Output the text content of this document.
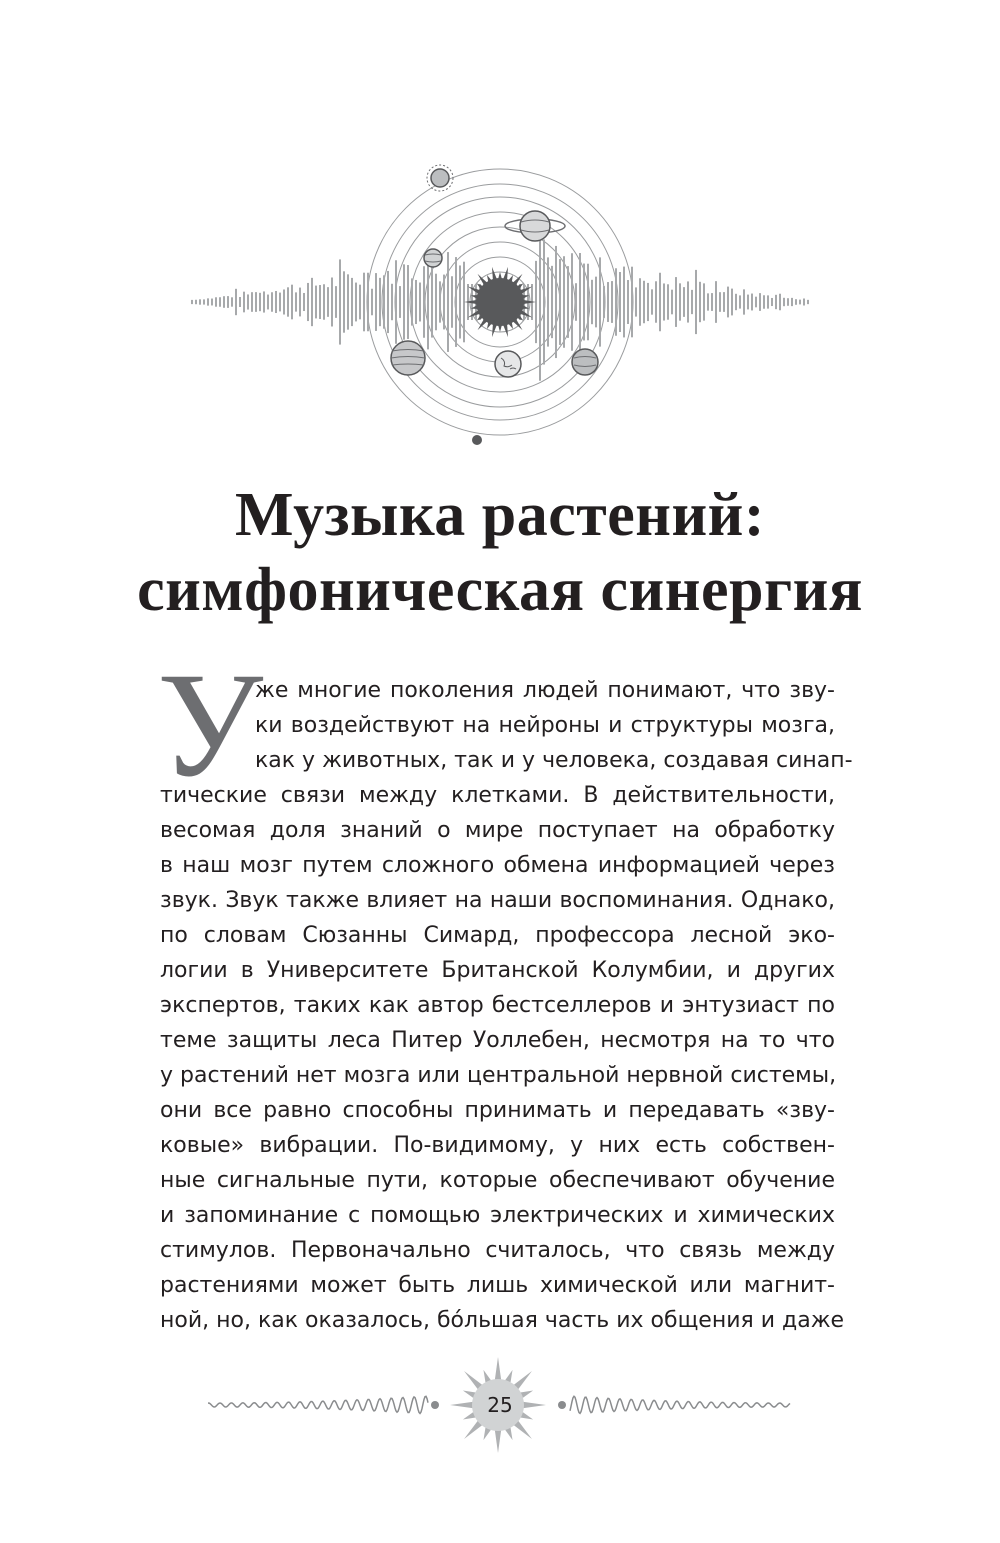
Музыка растений:
симфоническая синергия
У
же многие поколения людей понимают, что зву-
ки воздействуют на нейроны и структуры мозга,
как у животных, так и у человека, создавая синап-
тические связи между клетками. В действительности,
весомая доля знаний о мире поступает на обработку
в наш мозг путем сложного обмена информацией через
звук. Звук также влияет на наши воспоминания. Однако,
по словам Сюзанны Симард, профессора лесной эко-
логии в Университете Британской Колумбии, и других
экспертов, таких как автор бестселлеров и энтузиаст по
теме защиты леса Питер Уоллебен, несмотря на то что
у растений нет мозга или центральной нервной системы,
они все равно способны принимать и передавать «зву-
ковые» вибрации. По-видимому, у них есть собствен-
ные сигнальные пути, которые обеспечивают обучение
и запоминание с помощью электрических и химических
стимулов. Первоначально считалось, что связь между
растениями может быть лишь химической или магнит-
ной, но, как оказалось, бóльшая часть их общения и даже
25
